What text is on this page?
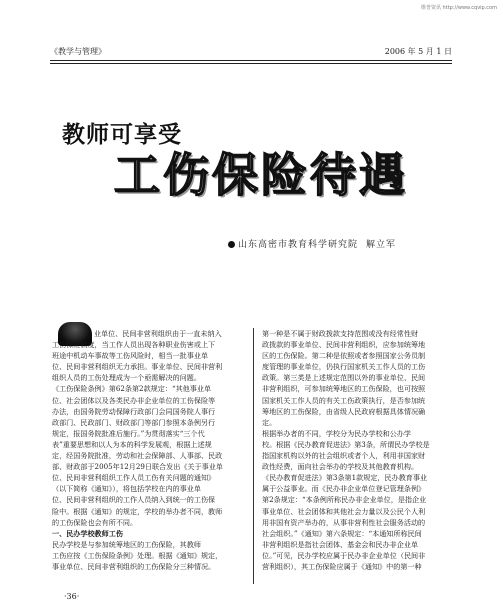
维普资讯 http://www.cqvip.com
《教学与管理》	2006 年 5 月 1 日
教师可享受
工伤保险待遇
山东高密市教育科学研究院 解立军
业单位、民间非营利组织由于一直未纳入
工伤保险制度，当工作人员出现各种职业伤害或上下
班途中机动车事故等工伤风险时，相当一批事业单
位、民间非营利组织无力承担。事业单位、民间非营利
组织人员的工伤处理成为一个亟需解决的问题。
《工伤保险条例》第62条第2款规定：“其他事业单
位、社会团体以及各类民办非企业单位的工伤保险等
办法，由国务院劳动保障行政部门会同国务院人事行
政部门、民政部门、财政部门等部门参照本条例另行
规定，报国务院批准后施行。”为贯彻落实“三个代
表”重要思想和以人为本的科学发展观，根据上述规
定，经国务院批准，劳动和社会保障部、人事部、民政
部、财政部于2005年12月29日联合发出《关于事业单
位、民间非营利组织工作人员工伤有关问题的通知》
（以下简称《通知》），将包括学校在内的事业单
位、民间非营利组织的工作人员纳入到统一的工伤保
险中。根据《通知》的规定，学校的举办者不同，教师
的工伤保险也会有所不同。
一、民办学校教师工伤
民办学校是与参加统筹地区的工伤保险，其教师
工伤应按《工伤保险条例》处理。根据《通知》规定，
事业单位、民间非营利组织的工伤保险分三种情况。
第一种是不属于财政拨款支持范围或没有经常性财
政拨款的事业单位、民间非营利组织，应参加统筹地
区的工伤保险。第二种是依照或者参照国家公务员制
度管理的事业单位，仍执行国家机关工作人员的工伤
政策。第三类是上述规定范围以外的事业单位、民间
非营利组织，可参加统筹地区的工伤保险，也可按照
国家机关工作人员的有关工伤政策执行，是否参加统
筹地区的工伤保险，由省级人民政府根据具体情况确
定。
根据举办者的不同，学校分为民办学校和公办学
校。根据《民办教育促进法》第3条，所谓民办学校是
指国家机构以外的社会组织或者个人，利用非国家财
政性经费，面向社会举办的学校及其他教育机构。
《民办教育促进法》第3条第1款规定，民办教育事业
属于公益事业。而《民办非企业单位登记管理条例》
第2条规定：“本条例所称民办非企业单位，是指企业
事业单位、社会团体和其他社会力量以及公民个人利
用非国有资产举办的，从事非营利性社会服务活动的
社会组织。”《通知》第六条规定：“本通知所称民间
非营利组织是指社会团体、基金会和民办非企业单
位。”可见，民办学校应属于民办非企业单位（民间非
营利组织），其工伤保险应属于《通知》中的第一种
·36·
